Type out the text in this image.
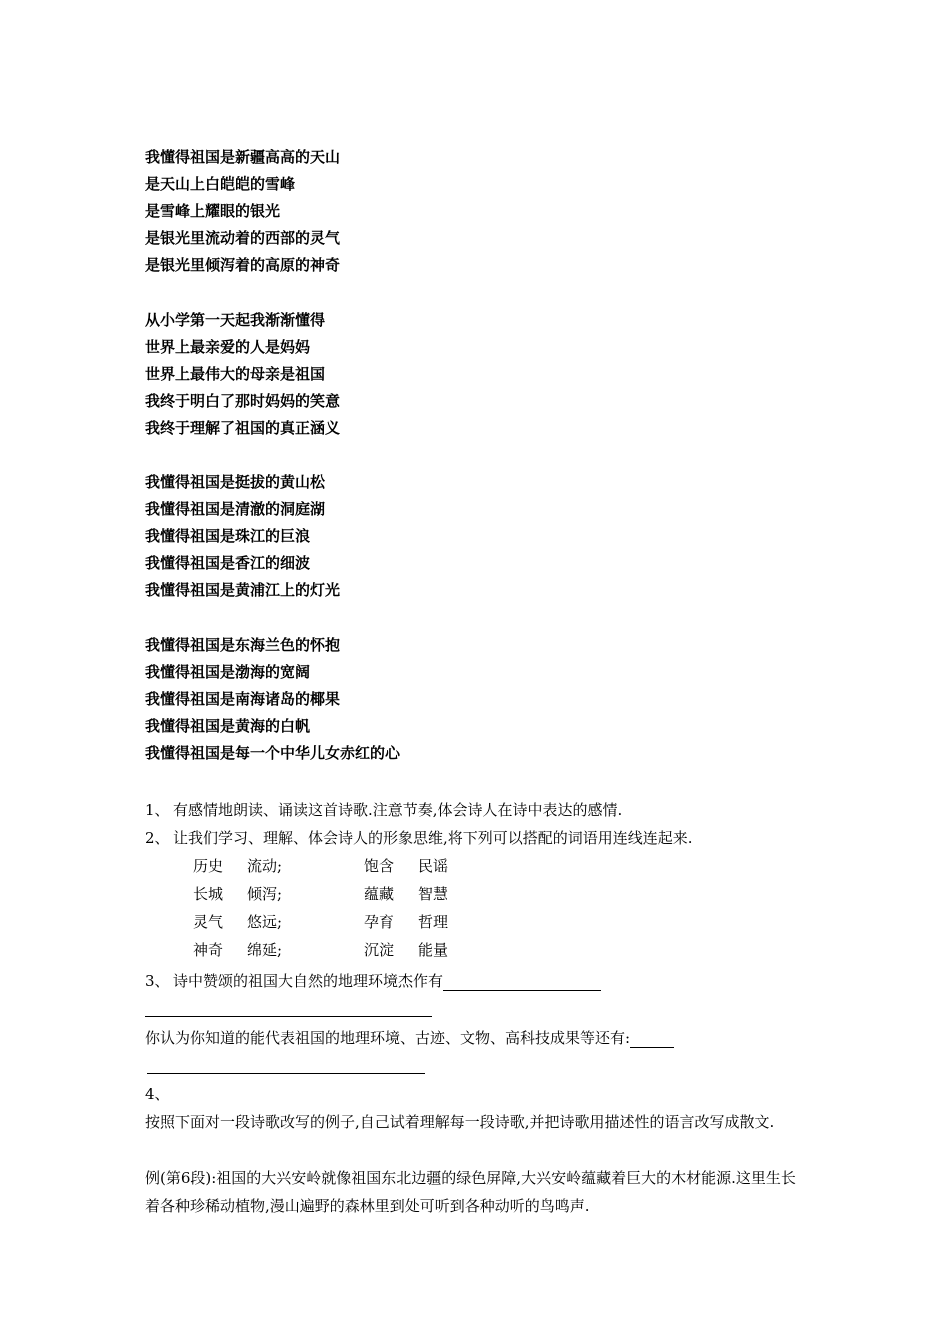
我懂得祖国是新疆高高的天山
是天山上白皑皑的雪峰
是雪峰上耀眼的银光
是银光里流动着的西部的灵气
是银光里倾泻着的高原的神奇
从小学第一天起我渐渐懂得
世界上最亲爱的人是妈妈
世界上最伟大的母亲是祖国
我终于明白了那时妈妈的笑意
我终于理解了祖国的真正涵义
我懂得祖国是挺拔的黄山松
我懂得祖国是清澈的洞庭湖
我懂得祖国是珠江的巨浪
我懂得祖国是香江的细波
我懂得祖国是黄浦江上的灯光
我懂得祖国是东海兰色的怀抱
我懂得祖国是渤海的宽阔
我懂得祖国是南海诸岛的椰果
我懂得祖国是黄海的白帆
我懂得祖国是每一个中华儿女赤红的心
1、 有感情地朗读、诵读这首诗歌.注意节奏,体会诗人在诗中表达的感情.
2、 让我们学习、理解、体会诗人的形象思维,将下列可以搭配的词语用连线连起来.
历史 流动;	饱含 民谣
长城 倾泻;	蕴藏 智慧
灵气 悠远;	孕育 哲理
神奇 绵延;	沉淀 能量
3、 诗中赞颂的祖国大自然的地理环境杰作有
你认为你知道的能代表祖国的地理环境、古迹、文物、高科技成果等还有:
4、
按照下面对一段诗歌改写的例子,自己试着理解每一段诗歌,并把诗歌用描述性的语言改写成散文.
例(第6段):祖国的大兴安岭就像祖国东北边疆的绿色屏障,大兴安岭蕴藏着巨大的木材能源.这里生长着各种珍稀动植物,漫山遍野的森林里到处可听到各种动听的鸟鸣声.
